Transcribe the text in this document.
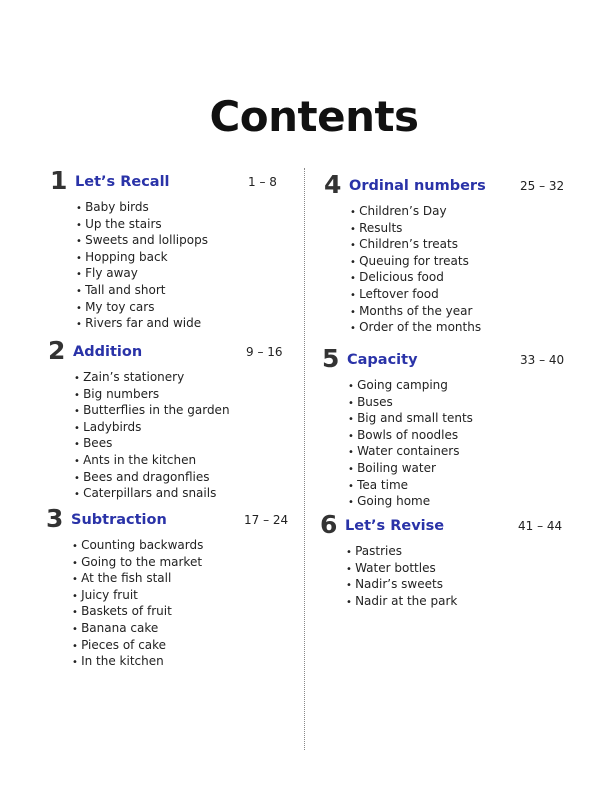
Contents
1 Let’s Recall	1 – 8
• Baby birds
• Up the stairs
• Sweets and lollipops
• Hopping back
• Fly away
• Tall and short
• My toy cars
• Rivers far and wide
2 Addition	9 – 16
• Zain’s stationery
• Big numbers
• Butterflies in the garden
• Ladybirds
• Bees
• Ants in the kitchen
• Bees and dragonflies
• Caterpillars and snails
3 Subtraction	17 – 24
• Counting backwards
• Going to the market
• At the fish stall
• Juicy fruit
• Baskets of fruit
• Banana cake
• Pieces of cake
• In the kitchen
4 Ordinal numbers	25 – 32
• Children’s Day
• Results
• Children’s treats
• Queuing for treats
• Delicious food
• Leftover food
• Months of the year
• Order of the months
5 Capacity	33 – 40
• Going camping
• Buses
• Big and small tents
• Bowls of noodles
• Water containers
• Boiling water
• Tea time
• Going home
6 Let’s Revise	41 – 44
• Pastries
• Water bottles
• Nadir’s sweets
• Nadir at the park
